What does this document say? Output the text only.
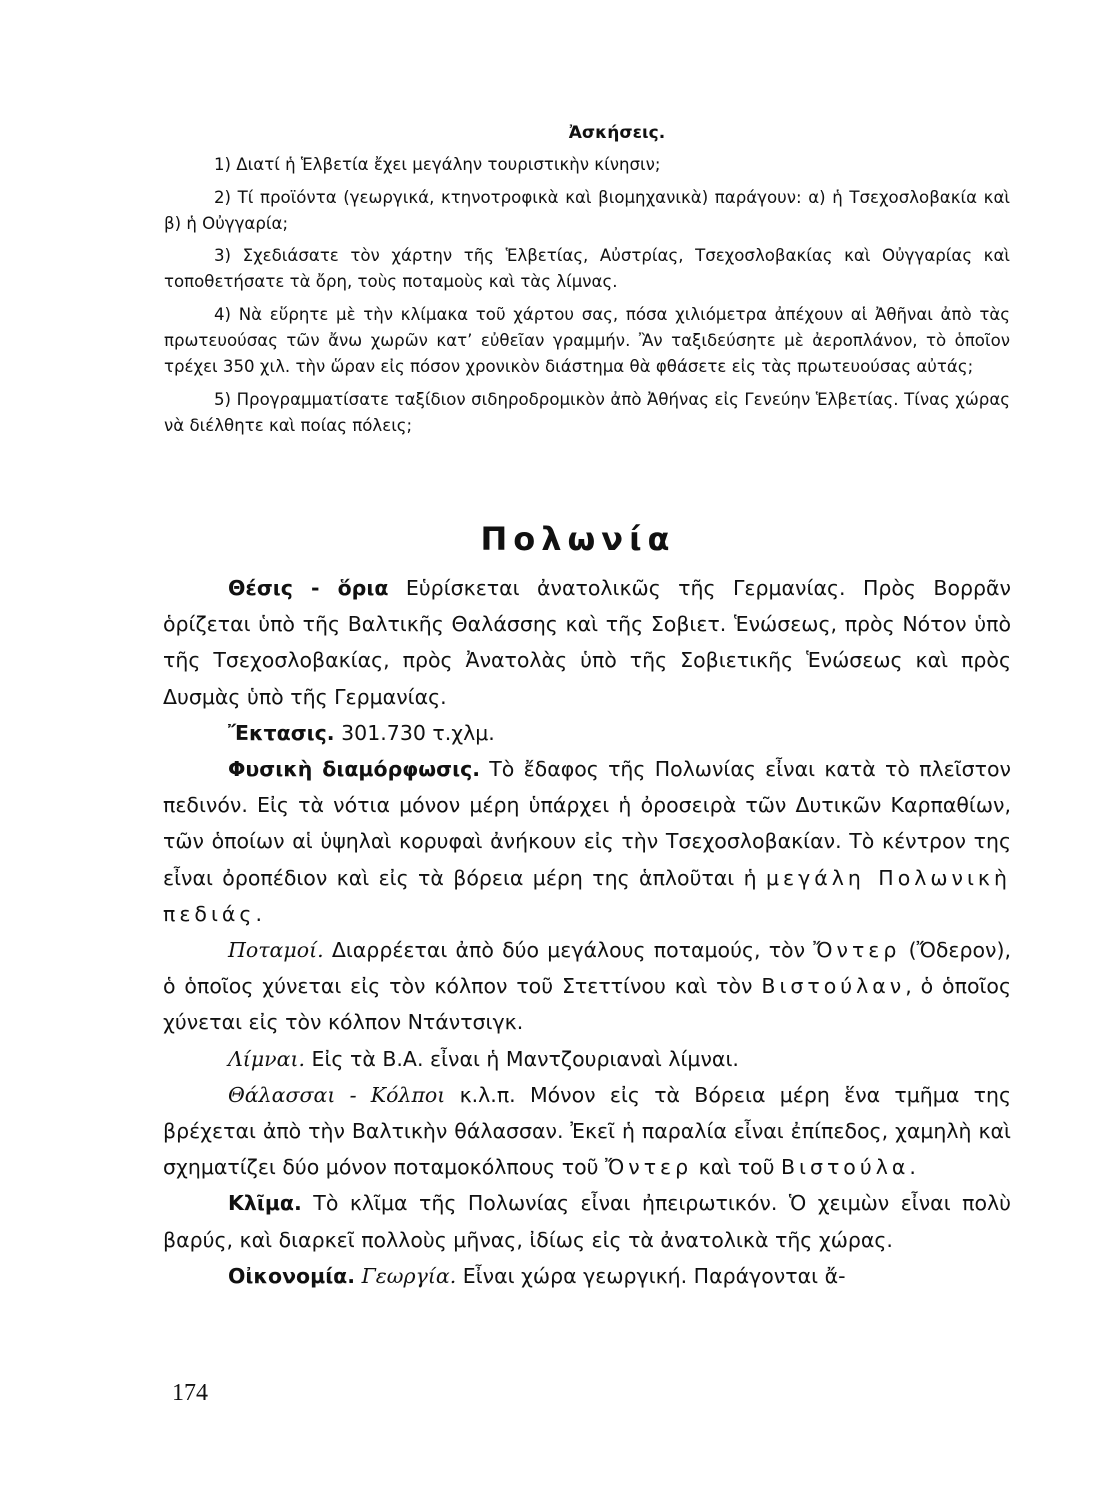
Ἀσκήσεις.

1) Διατί ἡ Ἑλβετία ἔχει μεγάλην τουριστικὴν κίνησιν;

2) Τί προϊόντα (γεωργικά, κτηνοτροφικὰ καὶ βιομηχανικὰ) παράγουν: α) ἡ Τσεχοσλοβακία καὶ β) ἡ Οὐγγαρία;

3) Σχεδιάσατε τὸν χάρτην τῆς Ἑλβετίας, Αὐστρίας, Τσεχοσλοβακίας καὶ Οὐγγαρίας καὶ τοποθετήσατε τὰ ὄρη, τοὺς ποταμοὺς καὶ τὰς λίμνας.

4) Νὰ εὕρητε μὲ τὴν κλίμακα τοῦ χάρτου σας, πόσα χιλιόμετρα ἀπέχουν αἱ Ἀθῆναι ἀπὸ τὰς πρωτευούσας τῶν ἄνω χωρῶν κατ’ εὐθεῖαν γραμμήν. Ἂν ταξιδεύσητε μὲ ἀεροπλάνον, τὸ ὁποῖον τρέχει 350 χιλ. τὴν ὥραν εἰς πόσον χρονικὸν διάστημα θὰ φθάσετε εἰς τὰς πρωτευούσας αὐτάς;

5) Προγραμματίσατε ταξίδιον σιδηροδρομικὸν ἀπὸ Ἀθήνας εἰς Γενεύην Ἑλβετίας. Τίνας χώρας νὰ διέλθητε καὶ ποίας πόλεις;

Πολωνία

Θέσις - ὅρια Εὑρίσκεται ἀνατολικῶς τῆς Γερμανίας. Πρὸς Βορρᾶν ὁρίζεται ὑπὸ τῆς Βαλτικῆς Θαλάσσης καὶ τῆς Σοβιετ. Ἑνώσεως, πρὸς Νότον ὑπὸ τῆς Τσεχοσλοβακίας, πρὸς Ἀνατολὰς ὑπὸ τῆς Σοβιετικῆς Ἑνώσεως καὶ πρὸς Δυσμὰς ὑπὸ τῆς Γερμανίας.

Ἔκτασις. 301.730 τ.χλμ.

Φυσικὴ διαμόρφωσις. Τὸ ἔδαφος τῆς Πολωνίας εἶναι κατὰ τὸ πλεῖστον πεδινόν. Εἰς τὰ νότια μόνον μέρη ὑπάρχει ἡ ὀροσειρὰ τῶν Δυτικῶν Καρπαθίων, τῶν ὁποίων αἱ ὑψηλαὶ κορυφαὶ ἀνήκουν εἰς τὴν Τσεχοσλοβακίαν. Τὸ κέντρον της εἶναι ὀροπέδιον καὶ εἰς τὰ βόρεια μέρη της ἁπλοῦται ἡ μεγάλη Πολωνικὴ πεδιάς.

Ποταμοί. Διαρρέεται ἀπὸ δύο μεγάλους ποταμούς, τὸν Ὄντερ (Ὄδερον), ὁ ὁποῖος χύνεται εἰς τὸν κόλπον τοῦ Στεττίνου καὶ τὸν Βιστούλαν, ὁ ὁποῖος χύνεται εἰς τὸν κόλπον Ντάντσιγκ.

Λίμναι. Εἰς τὰ Β.Α. εἶναι ἡ Μαντζουριαναὶ λίμναι.

Θάλασσαι - Κόλποι κ.λ.π. Μόνον εἰς τὰ Βόρεια μέρη ἕνα τμῆμα της βρέχεται ἀπὸ τὴν Βαλτικὴν θάλασσαν. Ἐκεῖ ἡ παραλία εἶναι ἐπίπεδος, χαμηλὴ καὶ σχηματίζει δύο μόνον ποταμοκόλπους τοῦ Ὄντερ καὶ τοῦ Βιστούλα.

Κλῖμα. Τὸ κλῖμα τῆς Πολωνίας εἶναι ἠπειρωτικόν. Ὁ χειμὼν εἶναι πολὺ βαρύς, καὶ διαρκεῖ πολλοὺς μῆνας, ἰδίως εἰς τὰ ἀνατολικὰ τῆς χώρας.

Οἰκονομία. Γεωργία. Εἶναι χώρα γεωργική. Παράγονται ἄ-

174
